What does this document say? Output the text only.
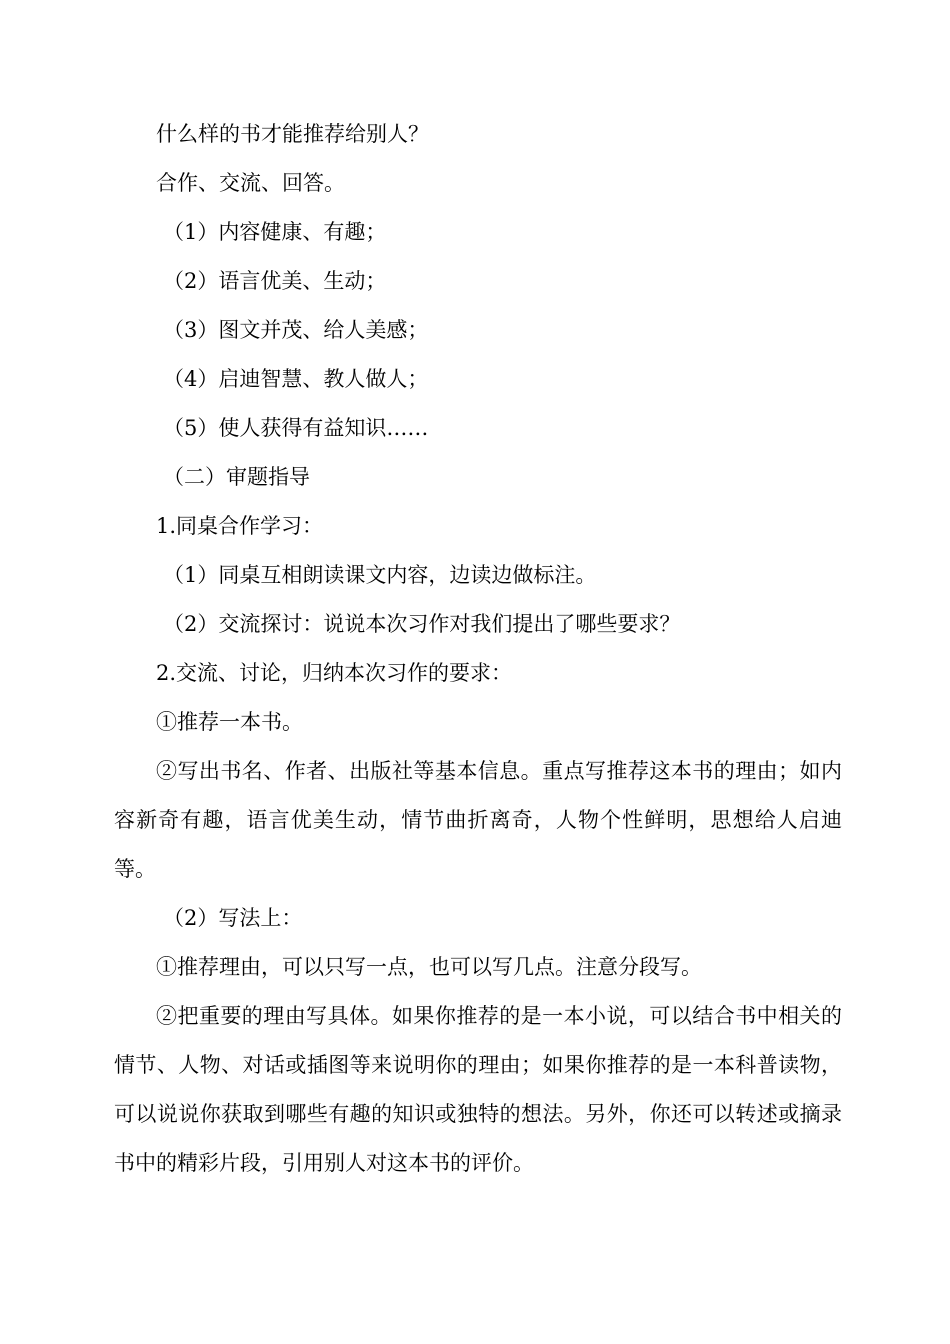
什么样的书才能推荐给别人？

合作、交流、回答。

（1）内容健康、有趣；

（2）语言优美、生动；

（3）图文并茂、给人美感；

（4）启迪智慧、教人做人；

（5）使人获得有益知识……

（二）审题指导

1.同桌合作学习：

（1）同桌互相朗读课文内容，边读边做标注。

（2）交流探讨：说说本次习作对我们提出了哪些要求？

2.交流、讨论，归纳本次习作的要求：

①推荐一本书。

②写出书名、作者、出版社等基本信息。重点写推荐这本书的理由；如内容新奇有趣，语言优美生动，情节曲折离奇，人物个性鲜明，思想给人启迪等。

（2）写法上：

①推荐理由，可以只写一点，也可以写几点。注意分段写。

②把重要的理由写具体。如果你推荐的是一本小说，可以结合书中相关的情节、人物、对话或插图等来说明你的理由；如果你推荐的是一本科普读物，可以说说你获取到哪些有趣的知识或独特的想法。另外，你还可以转述或摘录书中的精彩片段，引用别人对这本书的评价。
